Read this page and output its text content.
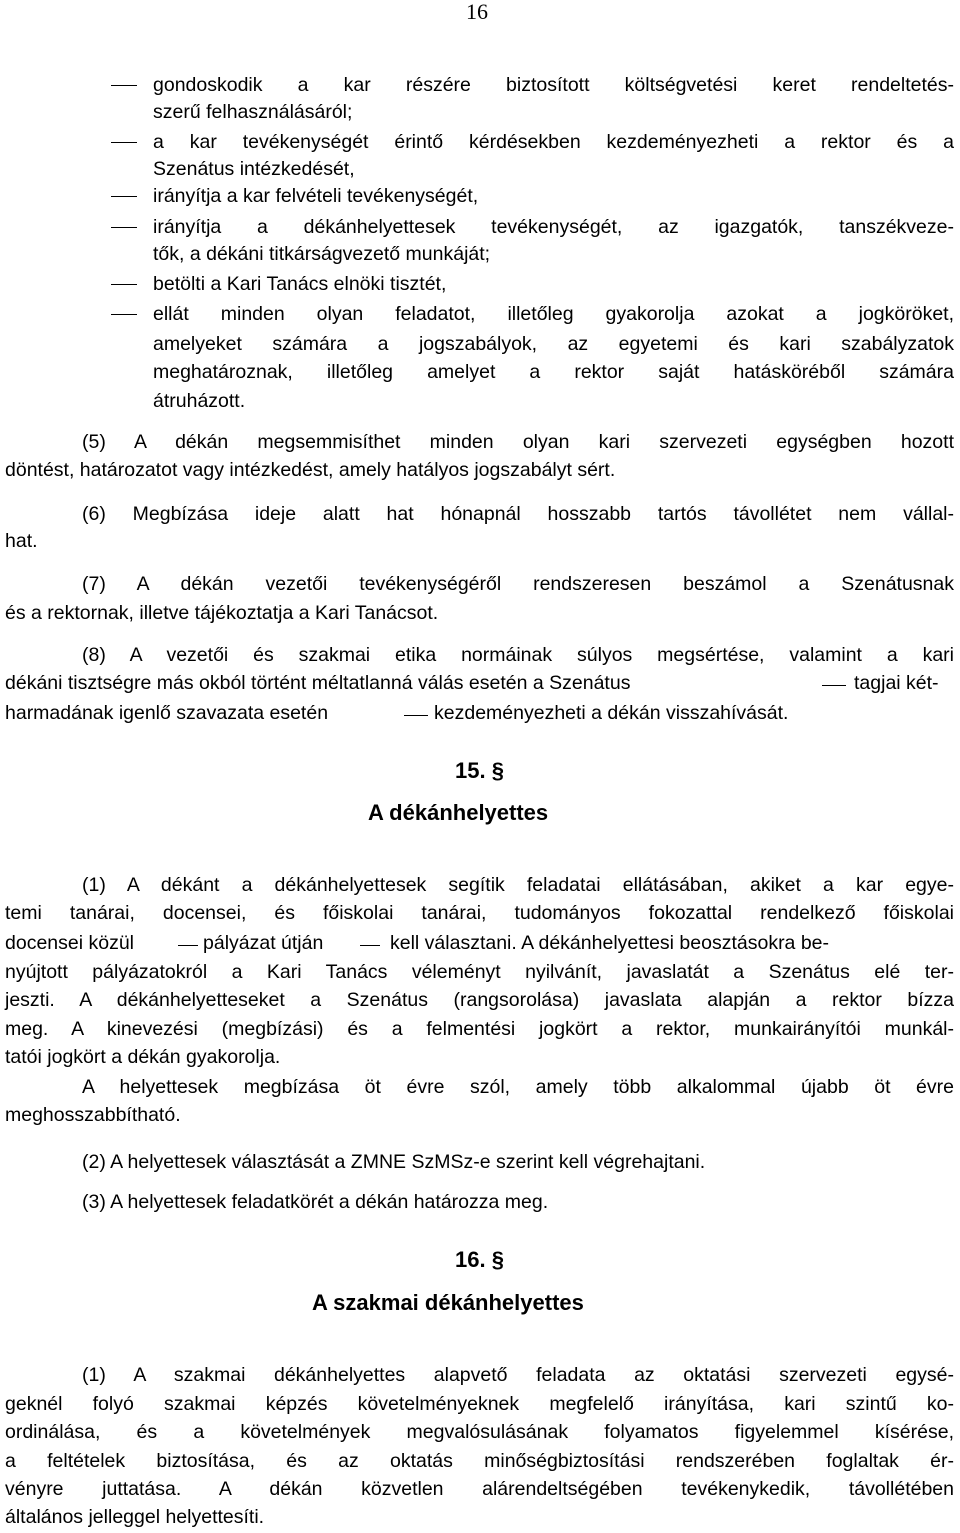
16
gondoskodik a kar részére biztosított költségvetési keret rendeltetés-
szerű felhasználásáról;
a kar tevékenységét érintő kérdésekben kezdeményezheti a rektor és a
Szenátus intézkedését,
irányítja a kar felvételi tevékenységét,
irányítja a dékánhelyettesek tevékenységét, az igazgatók, tanszékveze-
tők, a dékáni titkárságvezető munkáját;
betölti a Kari Tanács elnöki tisztét,
ellát minden olyan feladatot, illetőleg gyakorolja azokat a jogköröket,
amelyeket számára a jogszabályok, az egyetemi és kari szabályzatok
meghatároznak, illetőleg amelyet a rektor saját hatásköréből számára
átruházott.
(5) A dékán megsemmisíthet minden olyan kari szervezeti egységben hozott
döntést, határozatot vagy intézkedést, amely hatályos jogszabályt sért.
(6) Megbízása ideje alatt hat hónapnál hosszabb tartós távollétet nem vállal-
hat.
(7) A dékán vezetői tevékenységéről rendszeresen beszámol a Szenátusnak
és a rektornak, illetve tájékoztatja a Kari Tanácsot.
(8) A vezetői és szakmai etika normáinak súlyos megsértése, valamint a kari
dékáni tisztségre más okból történt méltatlanná válás esetén a Szenátus	tagjai két-
harmadának igenlő szavazata esetén	kezdeményezheti a dékán visszahívását.
15. §
A dékánhelyettes
(1) A dékánt a dékánhelyettesek segítik feladatai ellátásában, akiket a kar egye-
temi tanárai, docensei, és főiskolai tanárai, tudományos fokozattal rendelkező főiskolai
docensei közül	pályázat útján	kell választani. A dékánhelyettesi beosztásokra be-
nyújtott pályázatokról a Kari Tanács véleményt nyilvánít, javaslatát a Szenátus elé ter-
jeszti. A dékánhelyetteseket a Szenátus (rangsorolása) javaslata alapján a rektor bízza
meg. A kinevezési (megbízási) és a felmentési jogkört a rektor, munkairányítói munkál-
tatói jogkört a dékán gyakorolja.
A helyettesek megbízása öt évre szól, amely több alkalommal újabb öt évre
meghosszabbítható.
(2) A helyettesek választását a ZMNE SzMSz-e szerint kell végrehajtani.
(3) A helyettesek feladatkörét a dékán határozza meg.
16. §
A szakmai dékánhelyettes
(1) A szakmai dékánhelyettes alapvető feladata az oktatási szervezeti egysé-
geknél folyó szakmai képzés követelményeknek megfelelő irányítása, kari szintű ko-
ordinálása, és a követelmények megvalósulásának folyamatos figyelemmel kísérése,
a feltételek biztosítása, és az oktatás minőségbiztosítási rendszerében foglaltak ér-
vényre juttatása. A dékán közvetlen alárendeltségében tevékenykedik, távollétében
általános jelleggel helyettesíti.
